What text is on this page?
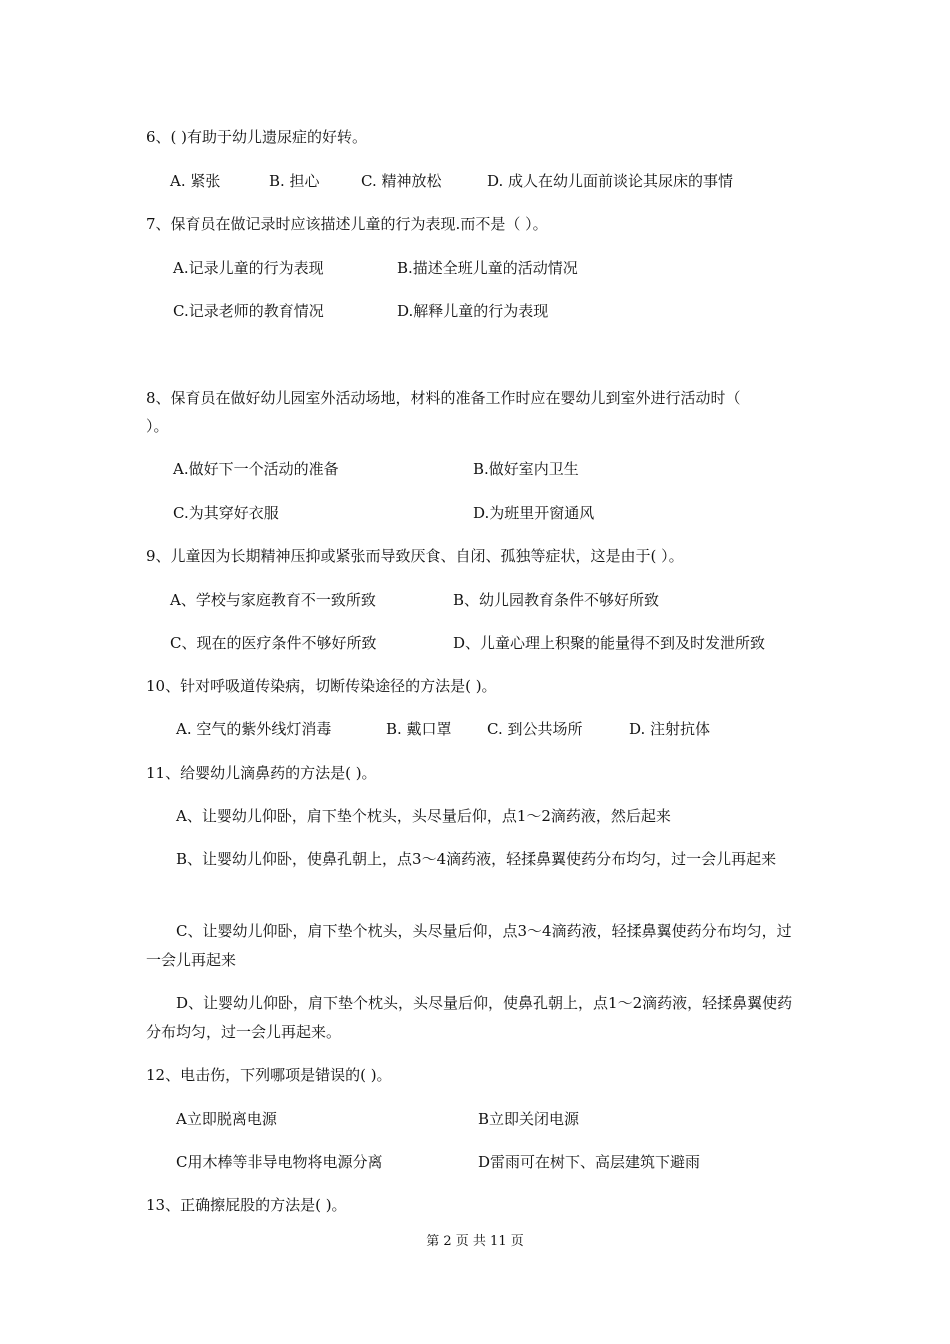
6、( )有助于幼儿遗尿症的好转。
A. 紧张	B. 担心	C. 精神放松	D. 成人在幼儿面前谈论其尿床的事情
7、保育员在做记录时应该描述儿童的行为表现.而不是（ ）。
A.记录儿童的行为表现	B.描述全班儿童的活动情况
C.记录老师的教育情况	D.解释儿童的行为表现
8、保育员在做好幼儿园室外活动场地，材料的准备工作时应在婴幼儿到室外进行活动时（
）。
A.做好下一个活动的准备	B.做好室内卫生
C.为其穿好衣服	D.为班里开窗通风
9、儿童因为长期精神压抑或紧张而导致厌食、自闭、孤独等症状，这是由于( ）。
A、学校与家庭教育不一致所致	B、幼儿园教育条件不够好所致
C、现在的医疗条件不够好所致	D、儿童心理上积聚的能量得不到及时发泄所致
10、针对呼吸道传染病，切断传染途径的方法是( )。
A. 空气的紫外线灯消毒	B. 戴口罩 C. 到公共场所	D. 注射抗体
11、给婴幼儿滴鼻药的方法是( )。
A、让婴幼儿仰卧，肩下垫个枕头，头尽量后仰，点1～2滴药液，然后起来
B、让婴幼儿仰卧，使鼻孔朝上，点3～4滴药液，轻揉鼻翼使药分布均匀，过一会儿再起来
C、让婴幼儿仰卧，肩下垫个枕头，头尽量后仰，点3～4滴药液，轻揉鼻翼使药分布均匀，过一会儿再起来
D、让婴幼儿仰卧，肩下垫个枕头，头尽量后仰，使鼻孔朝上，点1～2滴药液，轻揉鼻翼使药分布均匀，过一会儿再起来。
12、电击伤，下列哪项是错误的( )。
A立即脱离电源	B立即关闭电源
C用木棒等非导电物将电源分离	D雷雨可在树下、高层建筑下避雨
13、正确擦屁股的方法是( )。
第 2 页 共 11 页
